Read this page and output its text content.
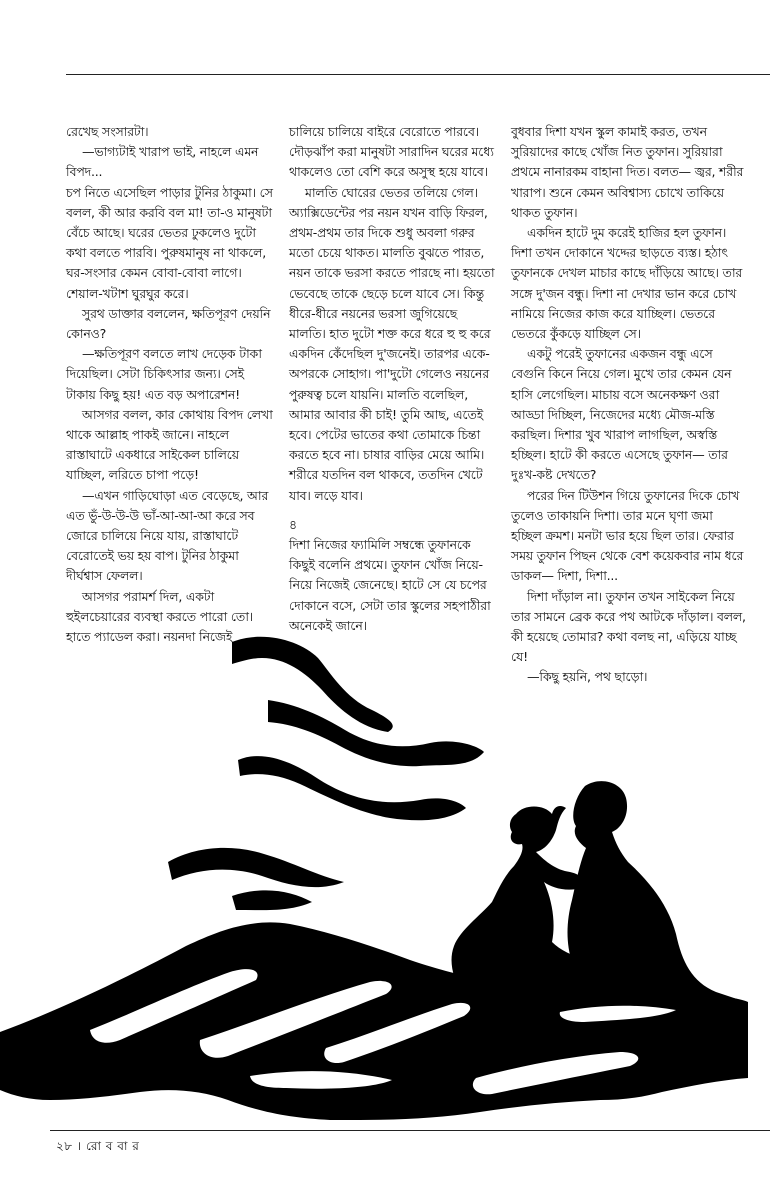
রেখেছ সংসারটা।

—ভাগ্যটাই খারাপ ভাই, নাহলে এমন বিপদ...

চপ নিতে এসেছিল পাড়ার টুনির ঠাকুমা। সে বলল, কী আর করবি বল মা! তা-ও মানুষটা বেঁচে আছে। ঘরের ভেতর ঢুকলেও দুটো কথা বলতে পারবি। পুরুষমানুষ না থাকলে, ঘর-সংসার কেমন বোবা-বোবা লাগে। শেয়াল-খটাশ ঘুরঘুর করে।

সুরথ ডাক্তার বললেন, ক্ষতিপূরণ দেয়নি কোনও?

—ক্ষতিপূরণ বলতে লাখ দেড়েক টাকা দিয়েছিল। সেটা চিকিৎসার জন্য। সেই টাকায় কিছু হয়! এত বড় অপারেশন!

আসগর বলল, কার কোথায় বিপদ লেখা থাকে আল্লাহ পাকই জানে। নাহলে রাস্তাঘাটে একধারে সাইকেল চালিয়ে যাচ্ছিল, লরিতে চাপা পড়ে!

—এখন গাড়িঘোড়া এত বেড়েছে, আর এত ভুঁ-উ-উ-উ ভাঁ-আ-আ-আ করে সব জোরে চালিয়ে নিয়ে যায়, রাস্তাঘাটে বেরোতেই ভয় হয় বাপ। টুনির ঠাকুমা দীর্ঘশ্বাস ফেলল।

আসগর পরামর্শ দিল, একটা হুইলচেয়ারের ব্যবস্থা করতে পারো তো। হাতে প্যাডেল করা। নয়নদা নিজেই

চালিয়ে চালিয়ে বাইরে বেরোতে পারবে। দৌড়ঝাঁপ করা মানুষটা সারাদিন ঘরের মধ্যে থাকলেও তো বেশি করে অসুস্থ হয়ে যাবে।

মালতি ঘোরের ভেতর তলিয়ে গেল। অ্যাক্সিডেন্টের পর নয়ন যখন বাড়ি ফিরল, প্রথম-প্রথম তার দিকে শুধু অবলা গরুর মতো চেয়ে থাকত। মালতি বুঝতে পারত, নয়ন তাকে ভরসা করতে পারছে না। হয়তো ভেবেছে তাকে ছেড়ে চলে যাবে সে। কিন্তু ধীরে-ধীরে নয়নের ভরসা জুগিয়েছে মালতি। হাত দুটো শক্ত করে ধরে হু হু করে একদিন কেঁদেছিল দু'জনেই। তারপর একে-অপরকে সোহাগ। পা'দুটো গেলেও নয়নের পুরুষত্ব চলে যায়নি। মালতি বলেছিল, আমার আবার কী চাই! তুমি আছ, এতেই হবে। পেটের ভাতের কথা তোমাকে চিন্তা করতে হবে না। চাষার বাড়ির মেয়ে আমি। শরীরে যতদিন বল থাকবে, ততদিন খেটে যাব। লড়ে যাব।

৪

দিশা নিজের ফ্যামিলি সম্বন্ধে তুফানকে কিছুই বলেনি প্রথমে। তুফান খোঁজ নিয়ে-নিয়ে নিজেই জেনেছে। হাটে সে যে চপের দোকানে বসে, সেটা তার স্কুলের সহপাঠীরা অনেকেই জানে।

বুধবার দিশা যখন স্কুল কামাই করত, তখন সুরিয়াদের কাছে খোঁজ নিত তুফান। সুরিয়ারা প্রথমে নানারকম বাহানা দিত। বলত— জ্বর, শরীর খারাপ। শুনে কেমন অবিশ্বাস্য চোখে তাকিয়ে থাকত তুফান।

একদিন হাটে দুম করেই হাজির হল তুফান। দিশা তখন দোকানে খদ্দের ছাড়তে ব্যস্ত। হঠাৎ তুফানকে দেখল মাচার কাছে দাঁড়িয়ে আছে। তার সঙ্গে দু'জন বন্ধু। দিশা না দেখার ভান করে চোখ নামিয়ে নিজের কাজ করে যাচ্ছিল। ভেতরে ভেতরে কুঁকড়ে যাচ্ছিল সে।

একটু পরেই তুফানের একজন বন্ধু এসে বেগুনি কিনে নিয়ে গেল। মুখে তার কেমন যেন হাসি লেগেছিল। মাচায় বসে অনেকক্ষণ ওরা আড্ডা দিচ্ছিল, নিজেদের মধ্যে মৌজ-মস্তি করছিল। দিশার খুব খারাপ লাগছিল, অস্বস্তি হচ্ছিল। হাটে কী করতে এসেছে তুফান— তার দুঃখ-কষ্ট দেখতে?

পরের দিন টিউশন গিয়ে তুফানের দিকে চোখ তুলেও তাকায়নি দিশা। তার মনে ঘৃণা জমা হচ্ছিল ক্রমশ। মনটা ভার হয়ে ছিল তার। ফেরার সময় তুফান পিছন থেকে বেশ কয়েকবার নাম ধরে ডাকল— দিশা, দিশা...

দিশা দাঁড়াল না। তুফান তখন সাইকেল নিয়ে তার সামনে ব্রেক করে পথ আটকে দাঁড়াল। বলল, কী হয়েছে তোমার? কথা বলছ না, এড়িয়ে যাচ্ছ যে!

—কিছু হয়নি, পথ ছাড়ো।

২৮ । রো ব বা র
